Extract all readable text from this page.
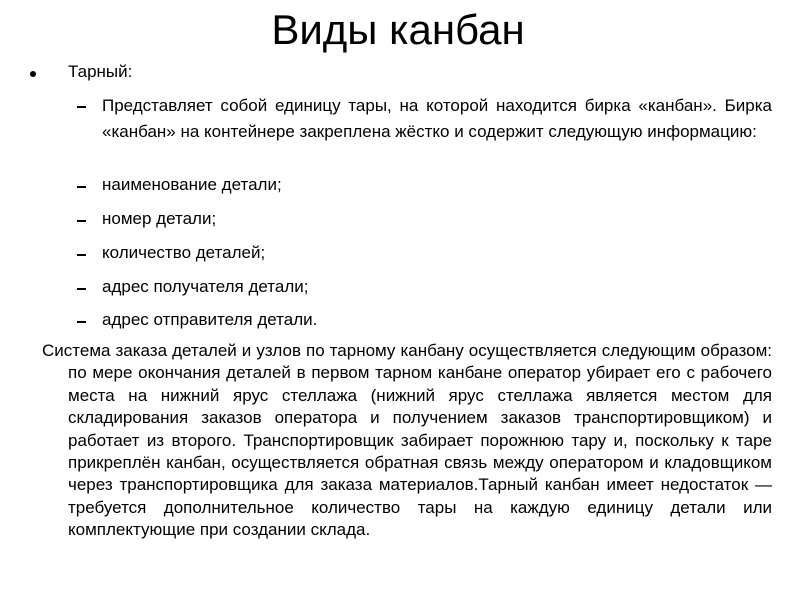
Виды канбан
Тарный:
Представляет собой единицу тары, на которой находится бирка «канбан». Бирка «канбан» на контейнере закреплена жёстко и содержит следующую информацию:
наименование детали;
номер детали;
количество деталей;
адрес получателя детали;
адрес отправителя детали.
Система заказа деталей и узлов по тарному канбану осуществляется следующим образом: по мере окончания деталей в первом тарном канбане оператор убирает его с рабочего места на нижний ярус стеллажа (нижний ярус стеллажа является местом для складирования заказов оператора и получением заказов транспортировщиком) и работает из второго. Транспортировщик забирает порожнюю тару и, поскольку к таре прикреплён канбан, осуществляется обратная связь между оператором и кладовщиком через транспортировщика для заказа материалов.Тарный канбан имеет недостаток — требуется дополнительное количество тары на каждую единицу детали или комплектующие при создании склада.
